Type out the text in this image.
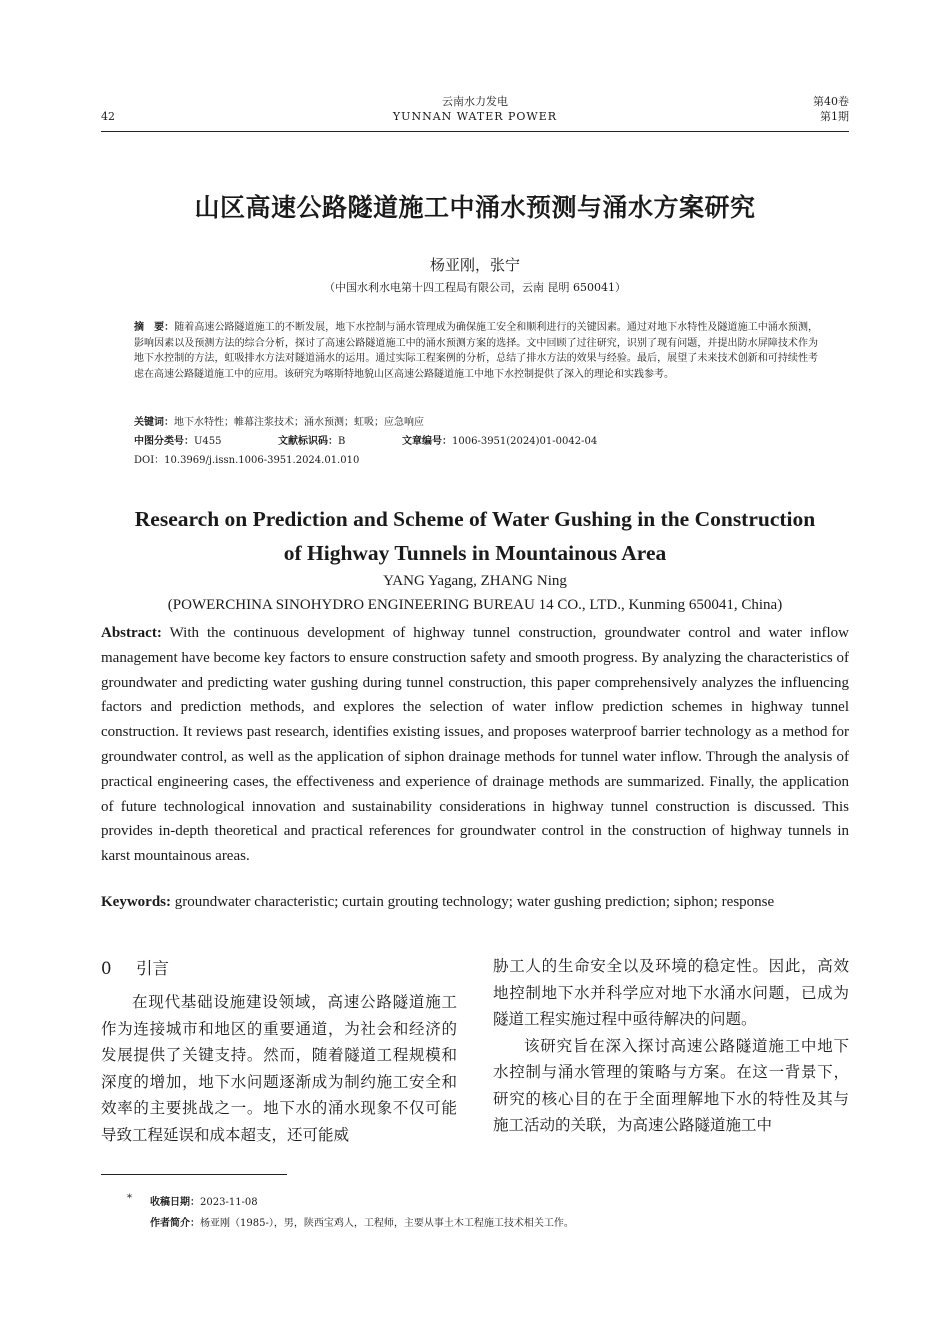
云南水力发电
YUNNAN WATER POWER
42
第40卷
第1期
山区高速公路隧道施工中涌水预测与涌水方案研究
杨亚刚，张宁
（中国水利水电第十四工程局有限公司，云南 昆明 650041）
摘　要：随着高速公路隧道施工的不断发展，地下水控制与涌水管理成为确保施工安全和顺利进行的关键因素。通过对地下水特性及隧道施工中涌水预测，影响因素以及预测方法的综合分析，探讨了高速公路隧道施工中的涌水预测方案的选择。文中回顾了过往研究，识别了现有问题，并提出防水屏障技术作为地下水控制的方法，虹吸排水方法对隧道涌水的运用。通过实际工程案例的分析，总结了排水方法的效果与经验。最后，展望了未来技术创新和可持续性考虑在高速公路隧道施工中的应用。该研究为喀斯特地貌山区高速公路隧道施工中地下水控制提供了深入的理论和实践参考。
关键词：地下水特性；帷幕注浆技术；涌水预测；虹吸；应急响应
中图分类号：U455	文献标识码：B	文章编号：1006-3951(2024)01-0042-04
DOI：10.3969/j.issn.1006-3951.2024.01.010
Research on Prediction and Scheme of Water Gushing in the Construction
of Highway Tunnels in Mountainous Area
YANG Yagang, ZHANG Ning
(POWERCHINA SINOHYDRO ENGINEERING BUREAU 14 CO., LTD., Kunming 650041, China)
Abstract: With the continuous development of highway tunnel construction, groundwater control and water inflow management have become key factors to ensure construction safety and smooth progress. By analyzing the characteristics of groundwater and predicting water gushing during tunnel construction, this paper comprehensively analyzes the influencing factors and prediction methods, and explores the selection of water inflow prediction schemes in highway tunnel construction. It reviews past research, identifies existing issues, and proposes waterproof barrier technology as a method for groundwater control, as well as the application of siphon drainage methods for tunnel water inflow. Through the analysis of practical engineering cases, the effectiveness and experience of drainage methods are summarized. Finally, the application of future technological innovation and sustainability considerations in highway tunnel construction is discussed. This provides in-depth theoretical and practical references for groundwater control in the construction of highway tunnels in karst mountainous areas.
Keywords: groundwater characteristic; curtain grouting technology; water gushing prediction; siphon; response
0 引言

在现代基础设施建设领域，高速公路隧道施工作为连接城市和地区的重要通道，为社会和经济的发展提供了关键支持。然而，随着隧道工程规模和深度的增加，地下水问题逐渐成为制约施工安全和效率的主要挑战之一。地下水的涌水现象不仅可能导致工程延误和成本超支，还可能威

胁工人的生命安全以及环境的稳定性。因此，高效地控制地下水并科学应对地下水涌水问题，已成为隧道工程实施过程中亟待解决的问题。

该研究旨在深入探讨高速公路隧道施工中地下水控制与涌水管理的策略与方案。在这一背景下，研究的核心目的在于全面理解地下水的特性及其与施工活动的关联，为高速公路隧道施工中

* 收稿日期：2023-11-08
作者简介：杨亚刚（1985-），男，陕西宝鸡人，工程师，主要从事土木工程施工技术相关工作。
